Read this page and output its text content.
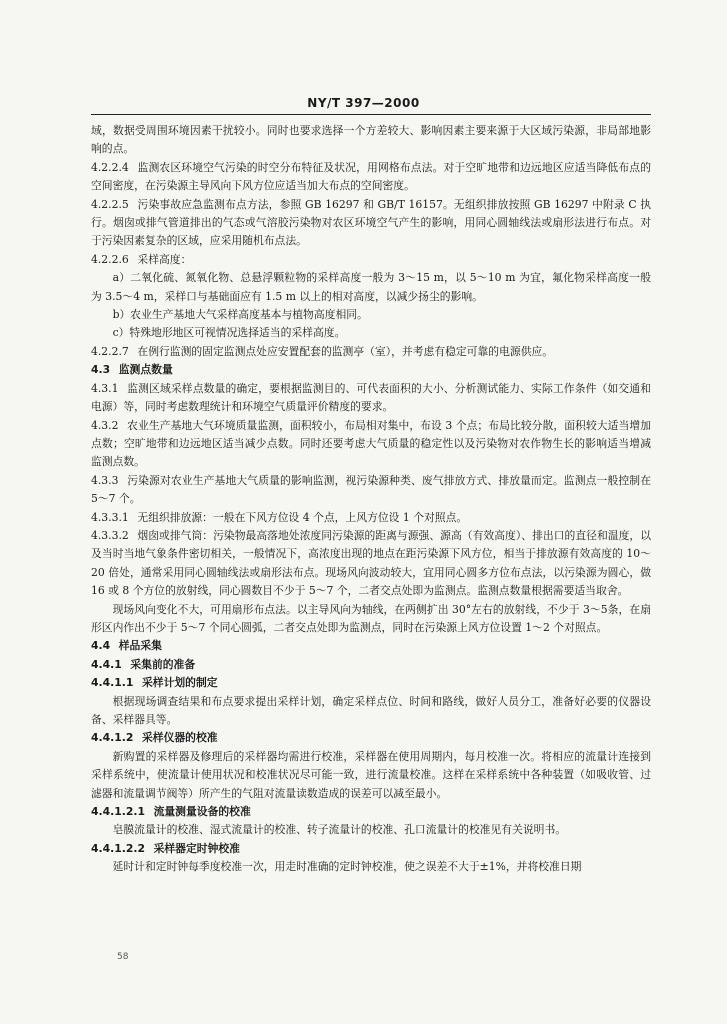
NY/T 397—2000

域，数据受周围环境因素干扰较小。同时也要求选择一个方差较大、影响因素主要来源于大区域污染源，非局部地影响的点。

4.2.2.4 监测农区环境空气污染的时空分布特征及状况，用网格布点法。对于空旷地带和边远地区应适当降低布点的空间密度，在污染源主导风向下风方位应适当加大布点的空间密度。

4.2.2.5 污染事故应急监测布点方法，参照 GB 16297 和 GB/T 16157。无组织排放按照 GB 16297 中附录 C 执行。烟囱或排气管道排出的气态或气溶胶污染物对农区环境空气产生的影响，用同心圆轴线法或扇形法进行布点。对于污染因素复杂的区域，应采用随机布点法。

4.2.2.6 采样高度：

a）二氧化硫、氮氧化物、总悬浮颗粒物的采样高度一般为 3～15 m，以 5～10 m 为宜，氟化物采样高度一般为 3.5～4 m，采样口与基础面应有 1.5 m 以上的相对高度，以减少扬尘的影响。

b）农业生产基地大气采样高度基本与植物高度相同。

c）特殊地形地区可视情况选择适当的采样高度。

4.2.2.7 在例行监测的固定监测点处应安置配套的监测亭（室），并考虑有稳定可靠的电源供应。

4.3 监测点数量

4.3.1 监测区域采样点数量的确定，要根据监测目的、可代表面积的大小、分析测试能力、实际工作条件（如交通和电源）等，同时考虑数理统计和环境空气质量评价精度的要求。

4.3.2 农业生产基地大气环境质量监测，面积较小，布局相对集中，布设 3 个点；布局比较分散，面积较大适当增加点数；空旷地带和边远地区适当减少点数。同时还要考虑大气质量的稳定性以及污染物对农作物生长的影响适当增减监测点数。

4.3.3 污染源对农业生产基地大气质量的影响监测，视污染源种类、废气排放方式、排放量而定。监测点一般控制在 5～7 个。

4.3.3.1 无组织排放源：一般在下风方位设 4 个点，上风方位设 1 个对照点。

4.3.3.2 烟囱或排气筒：污染物最高落地处浓度同污染源的距离与源强、源高（有效高度）、排出口的直径和温度，以及当时当地气象条件密切相关，一般情况下，高浓度出现的地点在距污染源下风方位，相当于排放源有效高度的 10～20 倍处，通常采用同心圆轴线法或扇形法布点。现场风向波动较大，宜用同心圆多方位布点法，以污染源为圆心，做 16 或 8 个方位的放射线，同心圆数目不少于 5～7 个，二者交点处即为监测点。监测点数量根据需要适当取舍。

现场风向变化不大，可用扇形布点法。以主导风向为轴线，在两侧扩出 30°左右的放射线，不少于 3～5条，在扇形区内作出不少于 5～7 个同心圆弧，二者交点处即为监测点，同时在污染源上风方位设置 1～2 个对照点。

4.4 样品采集

4.4.1 采集前的准备

4.4.1.1 采样计划的制定

根据现场调查结果和布点要求提出采样计划，确定采样点位、时间和路线，做好人员分工，准备好必要的仪器设备、采样器具等。

4.4.1.2 采样仪器的校准

新购置的采样器及修理后的采样器均需进行校准，采样器在使用周期内，每月校准一次。将相应的流量计连接到采样系统中，使流量计使用状况和校准状况尽可能一致，进行流量校准。这样在采样系统中各种装置（如吸收管、过滤器和流量调节阀等）所产生的气阻对流量读数造成的误差可以减至最小。

4.4.1.2.1 流量测量设备的校准

皂膜流量计的校准、湿式流量计的校准、转子流量计的校准、孔口流量计的校准见有关说明书。

4.4.1.2.2 采样器定时钟校准

延时计和定时钟每季度校准一次，用走时准确的定时钟校准，使之误差不大于±1%，并将校准日期

58
